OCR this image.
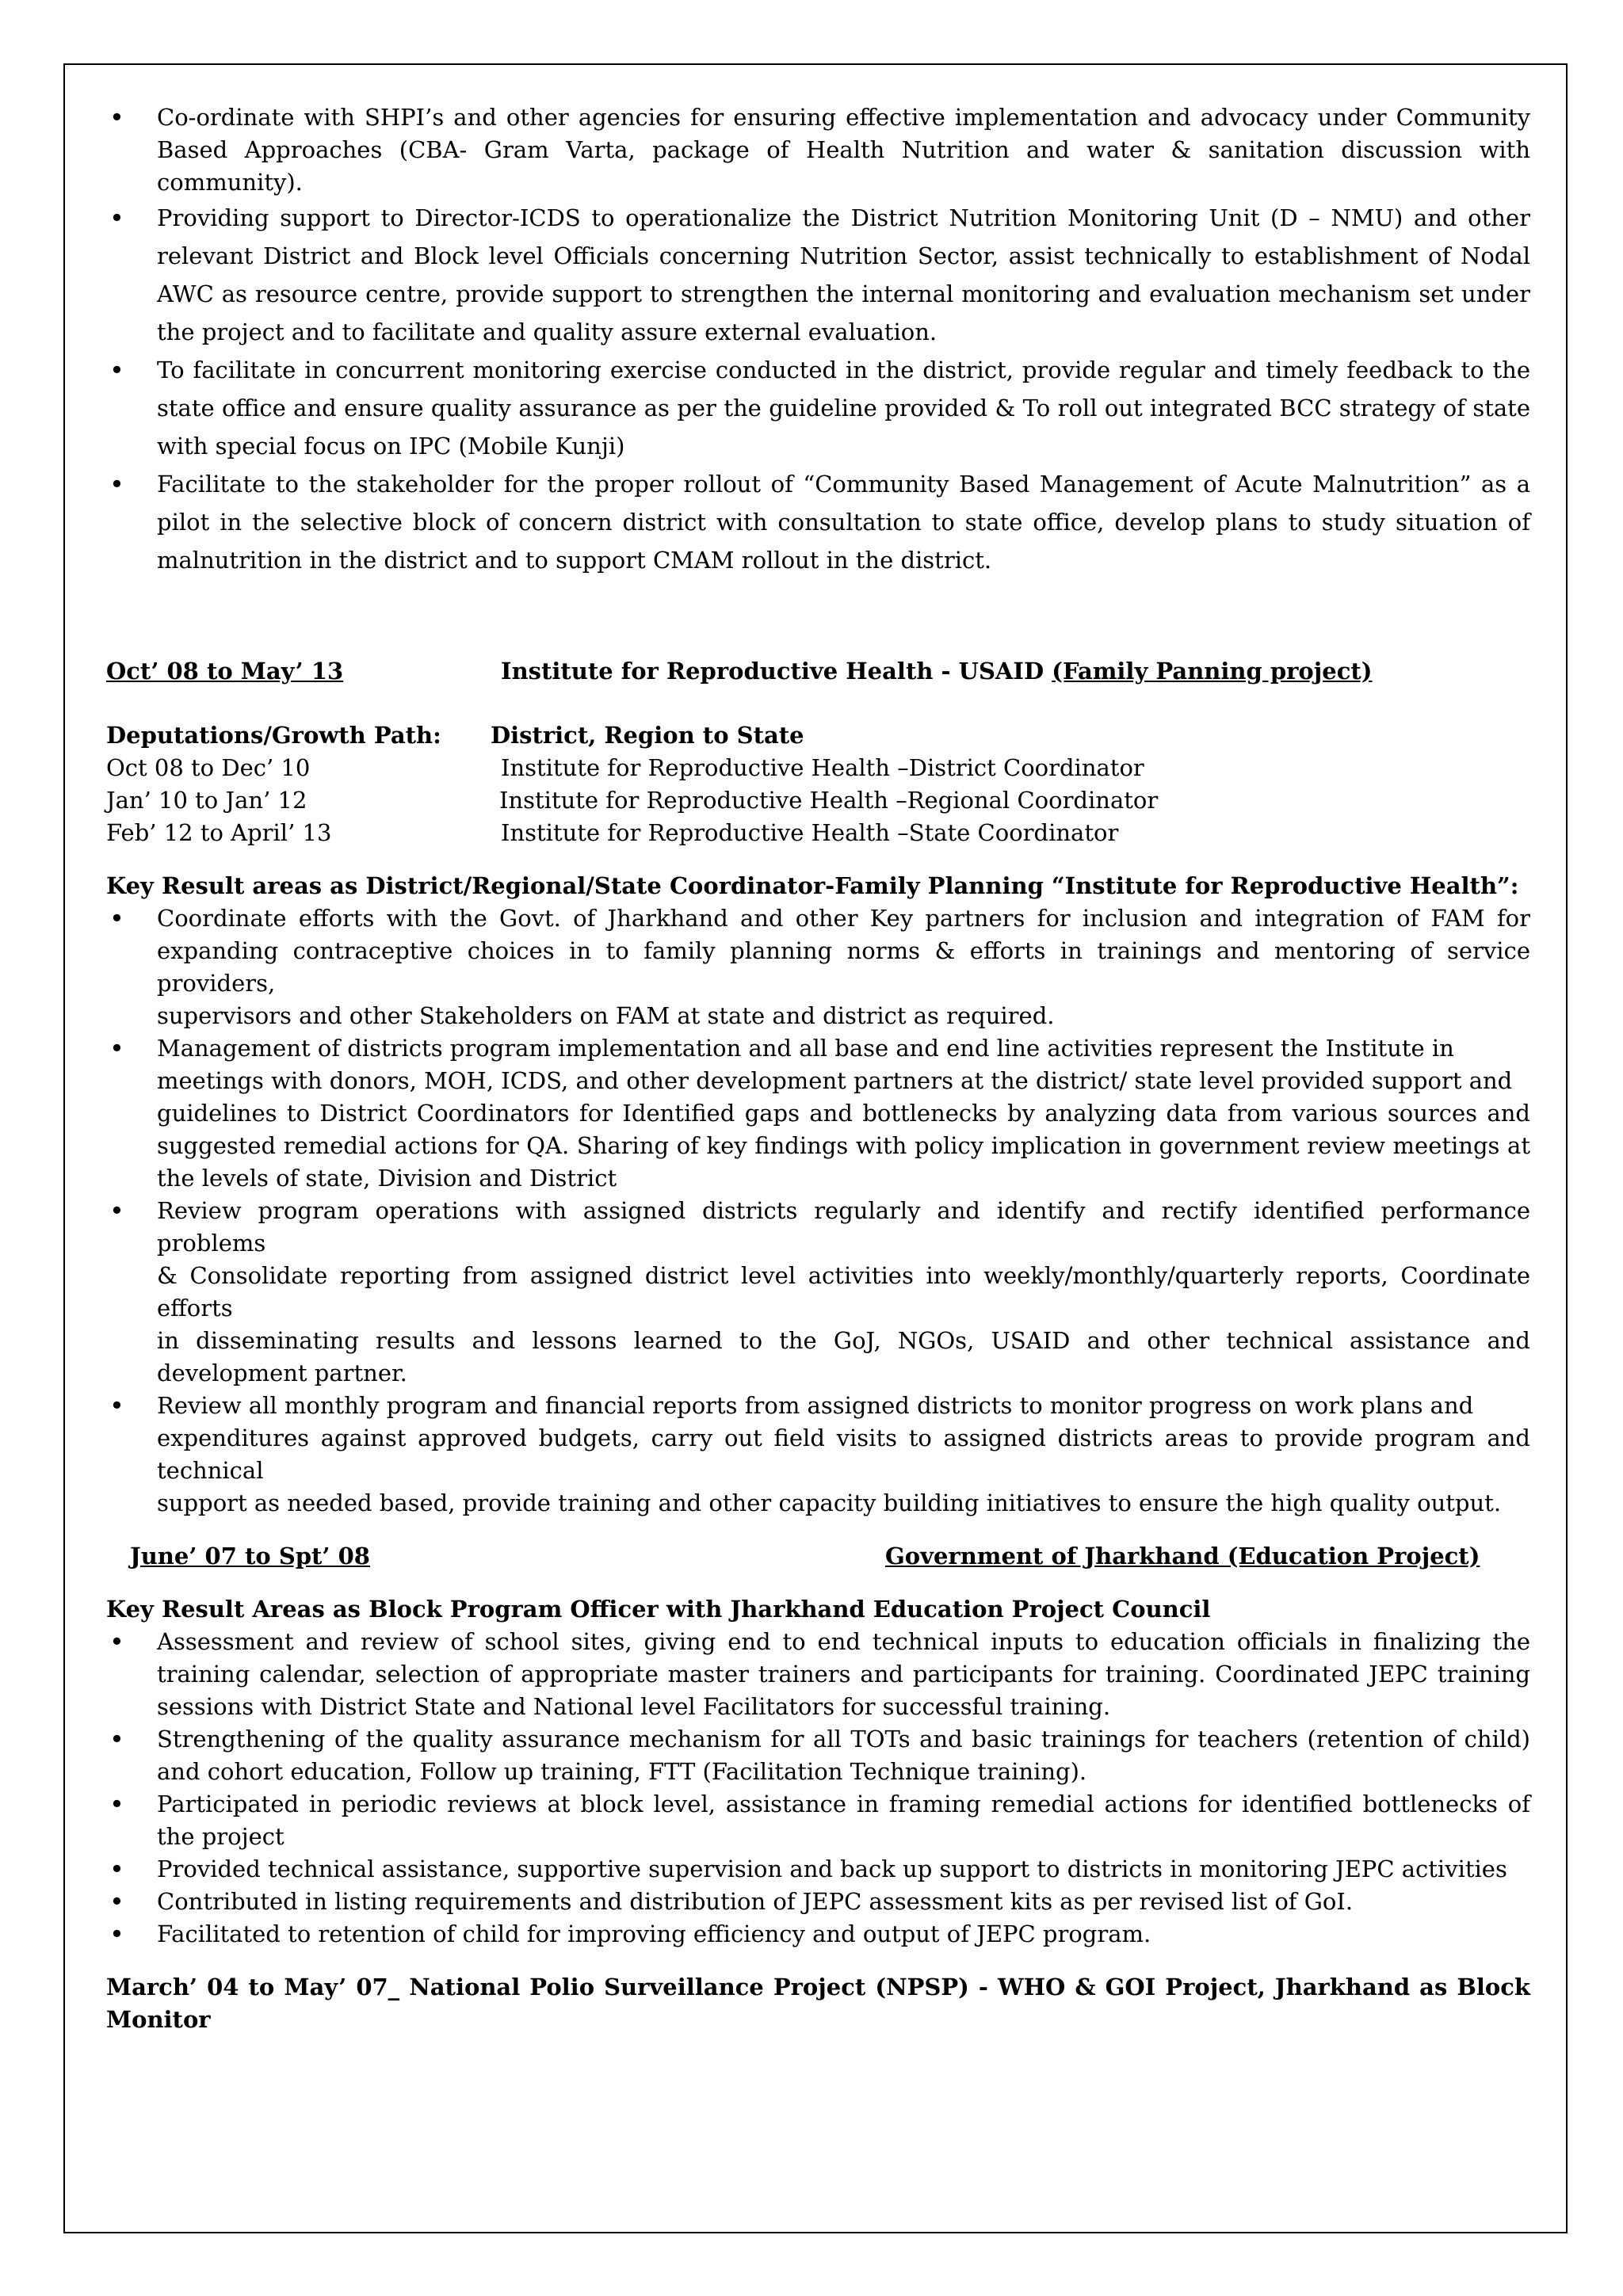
• Co-ordinate with SHPI’s and other agencies for ensuring effective implementation and advocacy under Community Based Approaches (CBA- Gram Varta, package of Health Nutrition and water & sanitation discussion with community).
• Providing support to Director-ICDS to operationalize the District Nutrition Monitoring Unit (D – NMU) and other relevant District and Block level Officials concerning Nutrition Sector, assist technically to establishment of Nodal AWC as resource centre, provide support to strengthen the internal monitoring and evaluation mechanism set under the project and to facilitate and quality assure external evaluation.
• To facilitate in concurrent monitoring exercise conducted in the district, provide regular and timely feedback to the state office and ensure quality assurance as per the guideline provided & To roll out integrated BCC strategy of state with special focus on IPC (Mobile Kunji)
• Facilitate to the stakeholder for the proper rollout of “Community Based Management of Acute Malnutrition” as a pilot in the selective block of concern district with consultation to state office, develop plans to study situation of malnutrition in the district and to support CMAM rollout in the district.
Oct’ 08 to May’ 13	Institute for Reproductive Health - USAID (Family Panning project)
Deputations/Growth Path: District, Region to State
Oct 08 to Dec’ 10	Institute for Reproductive Health –District Coordinator
Jan’ 10 to Jan’ 12	Institute for Reproductive Health –Regional Coordinator
Feb’ 12 to April’ 13	Institute for Reproductive Health –State Coordinator
Key Result areas as District/Regional/State Coordinator-Family Planning “Institute for Reproductive Health”:
• Coordinate efforts with the Govt. of Jharkhand and other Key partners for inclusion and integration of FAM for expanding contraceptive choices in to family planning norms & efforts in trainings and mentoring of service providers,
supervisors and other Stakeholders on FAM at state and district as required.
• Management of districts program implementation and all base and end line activities represent the Institute in
meetings with donors, MOH, ICDS, and other development partners at the district/ state level provided support and
guidelines to District Coordinators for Identified gaps and bottlenecks by analyzing data from various sources and suggested remedial actions for QA. Sharing of key findings with policy implication in government review meetings at the levels of state, Division and District
• Review program operations with assigned districts regularly and identify and rectify identified performance problems
& Consolidate reporting from assigned district level activities into weekly/monthly/quarterly reports, Coordinate efforts
in disseminating results and lessons learned to the GoJ, NGOs, USAID and other technical assistance and development partner.
• Review all monthly program and financial reports from assigned districts to monitor progress on work plans and
expenditures against approved budgets, carry out field visits to assigned districts areas to provide program and technical
support as needed based, provide training and other capacity building initiatives to ensure the high quality output.
June’ 07 to Spt’ 08	Government of Jharkhand (Education Project)
Key Result Areas as Block Program Officer with Jharkhand Education Project Council
• Assessment and review of school sites, giving end to end technical inputs to education officials in finalizing the training calendar, selection of appropriate master trainers and participants for training. Coordinated JEPC training sessions with District State and National level Facilitators for successful training.
• Strengthening of the quality assurance mechanism for all TOTs and basic trainings for teachers (retention of child) and cohort education, Follow up training, FTT (Facilitation Technique training).
• Participated in periodic reviews at block level, assistance in framing remedial actions for identified bottlenecks of the project
• Provided technical assistance, supportive supervision and back up support to districts in monitoring JEPC activities
• Contributed in listing requirements and distribution of JEPC assessment kits as per revised list of GoI.
• Facilitated to retention of child for improving efficiency and output of JEPC program.
March’ 04 to May’ 07_ National Polio Surveillance Project (NPSP) - WHO & GOI Project, Jharkhand as Block Monitor
